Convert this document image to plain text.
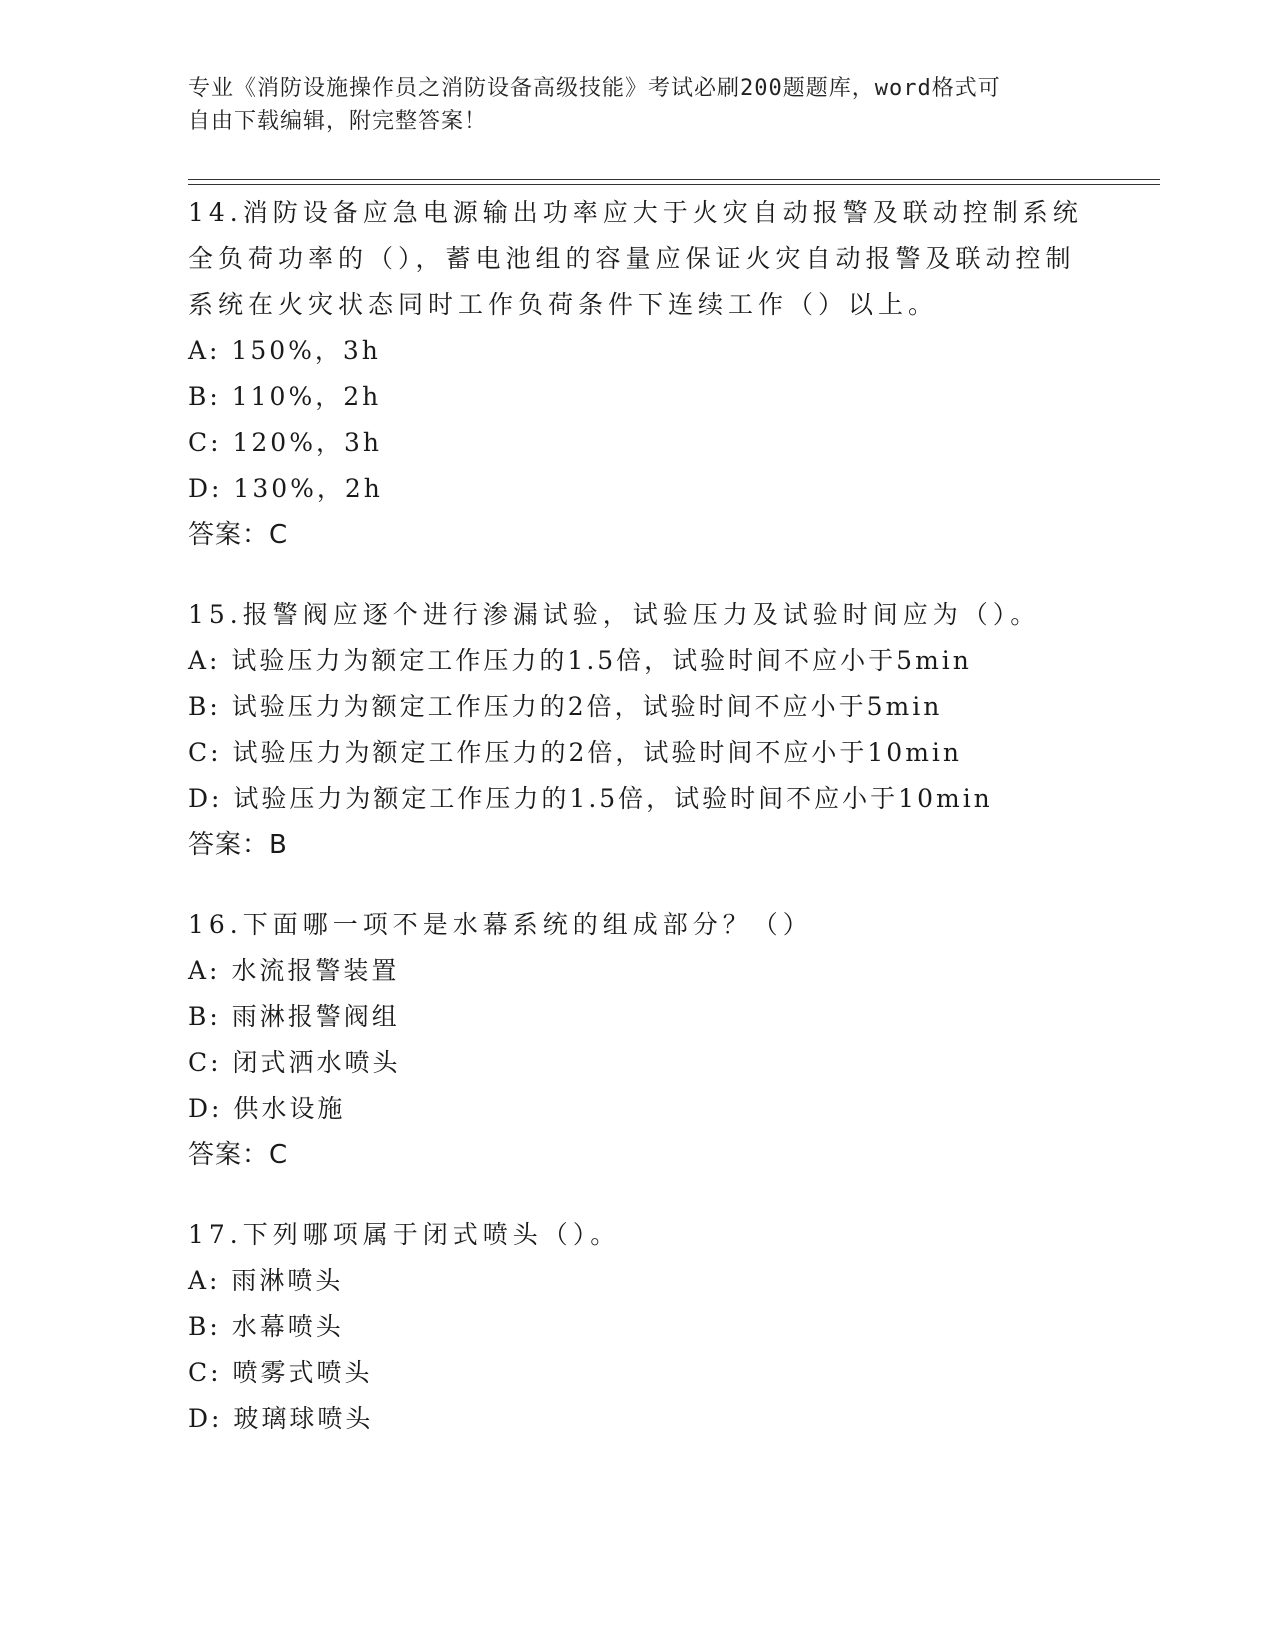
专业《消防设施操作员之消防设备高级技能》考试必刷200题题库，word格式可
自由下载编辑，附完整答案！
14.消防设备应急电源输出功率应大于火灾自动报警及联动控制系统全负荷功率的（），蓄电池组的容量应保证火灾自动报警及联动控制系统在火灾状态同时工作负荷条件下连续工作（）以上。
A: 150%，3h
B: 110%，2h
C: 120%，3h
D: 130%，2h
答案：C
15.报警阀应逐个进行渗漏试验，试验压力及试验时间应为（）。
A: 试验压力为额定工作压力的1.5倍，试验时间不应小于5min
B: 试验压力为额定工作压力的2倍，试验时间不应小于5min
C: 试验压力为额定工作压力的2倍，试验时间不应小于10min
D: 试验压力为额定工作压力的1.5倍，试验时间不应小于10min
答案：B
16.下面哪一项不是水幕系统的组成部分？（）
A: 水流报警装置
B: 雨淋报警阀组
C: 闭式洒水喷头
D: 供水设施
答案：C
17.下列哪项属于闭式喷头（）。
A: 雨淋喷头
B: 水幕喷头
C: 喷雾式喷头
D: 玻璃球喷头
